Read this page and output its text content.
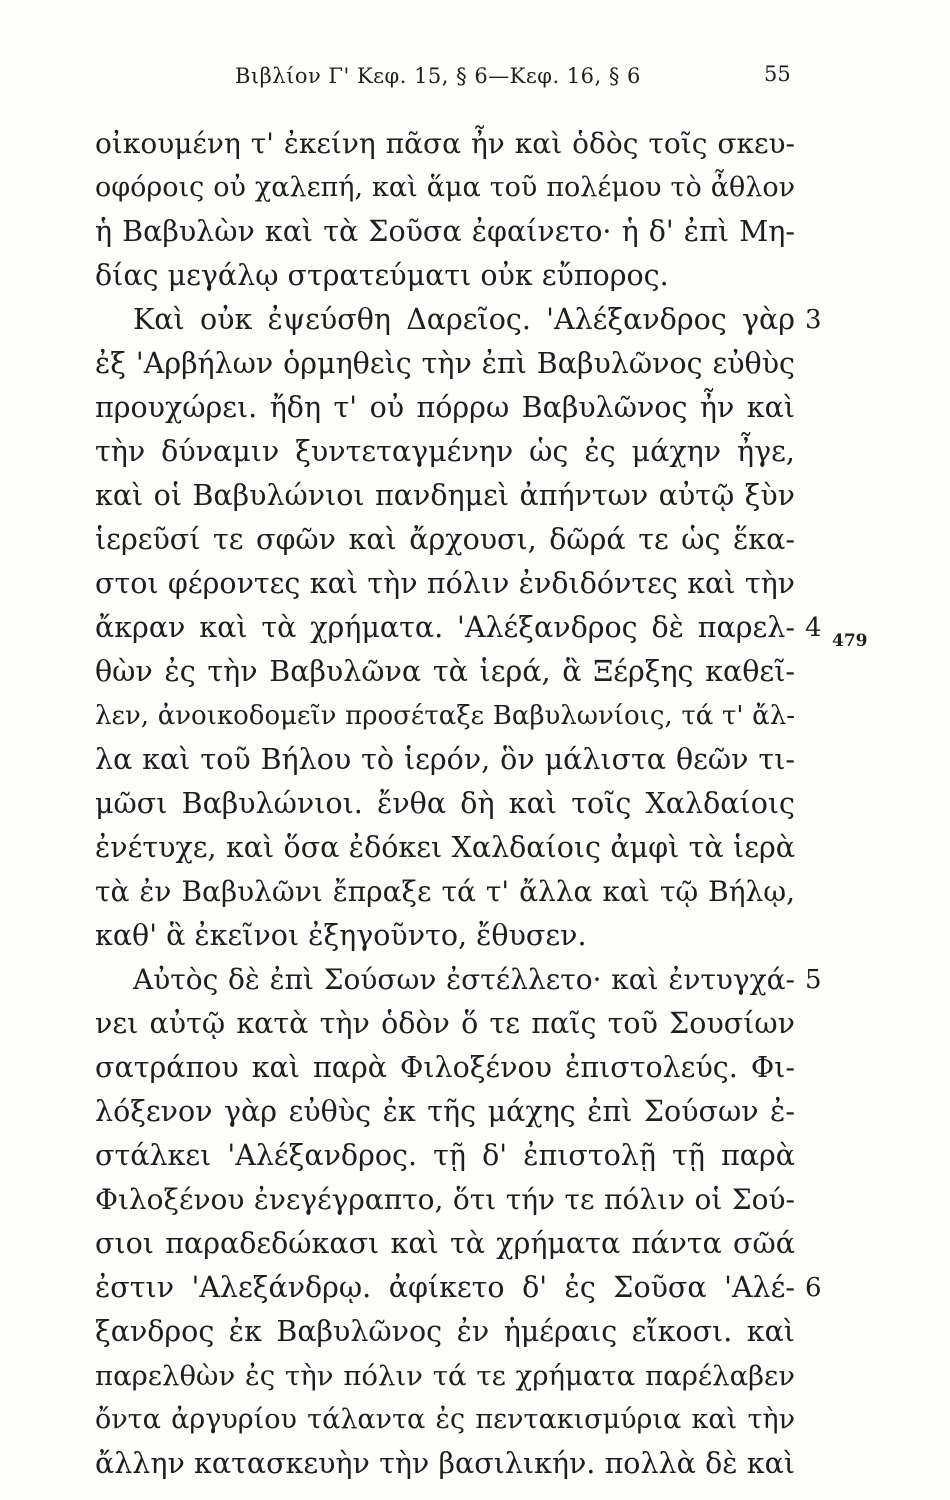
Βιβλίον Γ' Κεφ. 15, § 6—Κεφ. 16, § 6	55
οἰκουμένη τ' ἐκείνη πᾶσα ἦν καὶ ὁδὸς τοῖς σκευ-
οφόροις οὐ χαλεπή, καὶ ἅμα τοῦ πολέμου τὸ ἆθλον
ἡ Βαβυλὼν καὶ τὰ Σοῦσα ἐφαίνετο· ἡ δ' ἐπὶ Μη-
δίας μεγάλῳ στρατεύματι οὐκ εὔπορος.
Καὶ οὐκ ἐψεύσθη Δαρεῖος. 'Αλέξανδρος γὰρ
ἐξ 'Αρβήλων ὁρμηθεὶς τὴν ἐπὶ Βαβυλῶνος εὐθὺς
προυχώρει. ἤδη τ' οὐ πόρρω Βαβυλῶνος ἦν καὶ
τὴν δύναμιν ξυντεταγμένην ὡς ἐς μάχην ἦγε,
καὶ οἱ Βαβυλώνιοι πανδημεὶ ἀπήντων αὐτῷ ξὺν
ἱερεῦσί τε σφῶν καὶ ἄρχουσι, δῶρά τε ὡς ἕκα-
στοι φέροντες καὶ τὴν πόλιν ἐνδιδόντες καὶ τὴν
ἄκραν καὶ τὰ χρήματα. 'Αλέξανδρος δὲ παρελ-
θὼν ἐς τὴν Βαβυλῶνα τὰ ἱερά, ἃ Ξέρξης καθεῖ-
λεν, ἀνοικοδομεῖν προσέταξε Βαβυλωνίοις, τά τ' ἄλ-
λα καὶ τοῦ Βήλου τὸ ἱερόν, ὃν μάλιστα θεῶν τι-
μῶσι Βαβυλώνιοι. ἔνθα δὴ καὶ τοῖς Χαλδαίοις
ἐνέτυχε, καὶ ὅσα ἐδόκει Χαλδαίοις ἀμφὶ τὰ ἱερὰ
τὰ ἐν Βαβυλῶνι ἔπραξε τά τ' ἄλλα καὶ τῷ Βήλῳ,
καθ' ἃ ἐκεῖνοι ἐξηγοῦντο, ἔθυσεν.
Αὐτὸς δὲ ἐπὶ Σούσων ἐστέλλετο· καὶ ἐντυγχά-
νει αὐτῷ κατὰ τὴν ὁδὸν ὅ τε παῖς τοῦ Σουσίων
σατράπου καὶ παρὰ Φιλοξένου ἐπιστολεύς. Φι-
λόξενον γὰρ εὐθὺς ἐκ τῆς μάχης ἐπὶ Σούσων ἐ-
στάλκει 'Αλέξανδρος. τῇ δ' ἐπιστολῇ τῇ παρὰ
Φιλοξένου ἐνεγέγραπτο, ὅτι τήν τε πόλιν οἱ Σού-
σιοι παραδεδώκασι καὶ τὰ χρήματα πάντα σῶά
ἐστιν 'Αλεξάνδρῳ. ἀφίκετο δ' ἐς Σοῦσα 'Αλέ-
ξανδρος ἐκ Βαβυλῶνος ἐν ἡμέραις εἴκοσι. καὶ
παρελθὼν ἐς τὴν πόλιν τά τε χρήματα παρέλαβεν
ὄντα ἀργυρίου τάλαντα ἐς πεντακισμύρια καὶ τὴν
ἄλλην κατασκευὴν τὴν βασιλικήν. πολλὰ δὲ καὶ
3
4
5
6
479
